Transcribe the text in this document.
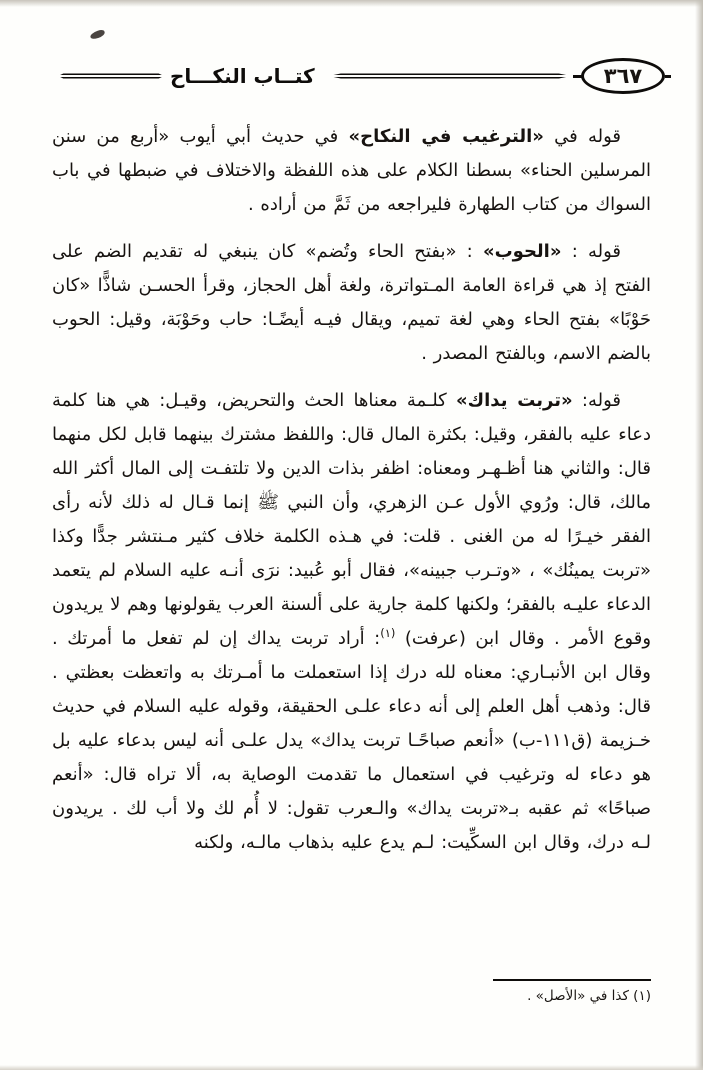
كتــاب النكـــاح	٣٦٧

قوله في «الترغيب في النكاح» في حديث أبي أيوب «أربع من سنن المرسلين الحناء» بسطنا الكلام على هذه اللفظة والاختلاف في ضبطها في باب السواك من كتاب الطهارة فليراجعه من ثَمَّ من أراده .

قوله : «الحوب» : «بفتح الحاء وتُضم» كان ينبغي له تقديم الضم على الفتح إذ هي قراءة العامة المـتواترة، ولغة أهل الحجاز، وقرأ الحسـن شاذًّا «كان حَوْبًا» بفتح الحاء وهي لغة تميم، ويقال فيـه أيضًـا: حاب وحَوْبَة، وقيل: الحوب بالضم الاسم، وبالفتح المصدر .

قوله: «تربت يداك» كلـمة معناها الحث والتحريض، وقيـل: هي هنا كلمة دعاء عليه بالفقر، وقيل: بكثرة المال قال: واللفظ مشترك بينهما قابل لكل منهما قال: والثاني هنا أظـهـر ومعناه: اظفر بذات الدين ولا تلتفـت إلى المال أكثر الله مالك، قال: ورُوي الأول عـن الزهري، وأن النبي ﷺ إنما قـال له ذلك لأنه رأى الفقر خيـرًا له من الغنى . قلت: في هـذه الكلمة خلاف كثير مـنتشر جدًّا وكذا «تربت يمينُك» ، «وتـرب جبينه»، فقال أبو عُبيد: نرَى أنـه عليه السلام لم يتعمد الدعاء عليـه بالفقر؛ ولكنها كلمة جارية على ألسنة العرب يقولونها وهم لا يريدون وقوع الأمر . وقال ابن (عرفت) $^{(١)}$: أراد تربت يداك إن لم تفعل ما أمرتك . وقال ابن الأنبـاري: معناه لله درك إذا استعملت ما أمـرتك به واتعظت بعظتي . قال: وذهب أهل العلم إلى أنه دعاء علـى الحقيقة، وقوله عليه السلام في حديث خـزيمة (ق١١١-ب) «أنعم صباحًـا تربت يداك» يدل علـى أنه ليس بدعاء عليه بل هو دعاء له وترغيب في استعمال ما تقدمت الوصاية به، ألا تراه قال: «أنعم صباحًا» ثم عقبه بـ«تربت يداك» والـعرب تقول: لا أُم لك ولا أب لك . يريدون لـه درك، وقال ابن السكِّيت: لـم يدع عليه بذهاب مالـه، ولكنه

(١) كذا في «الأصل» .
